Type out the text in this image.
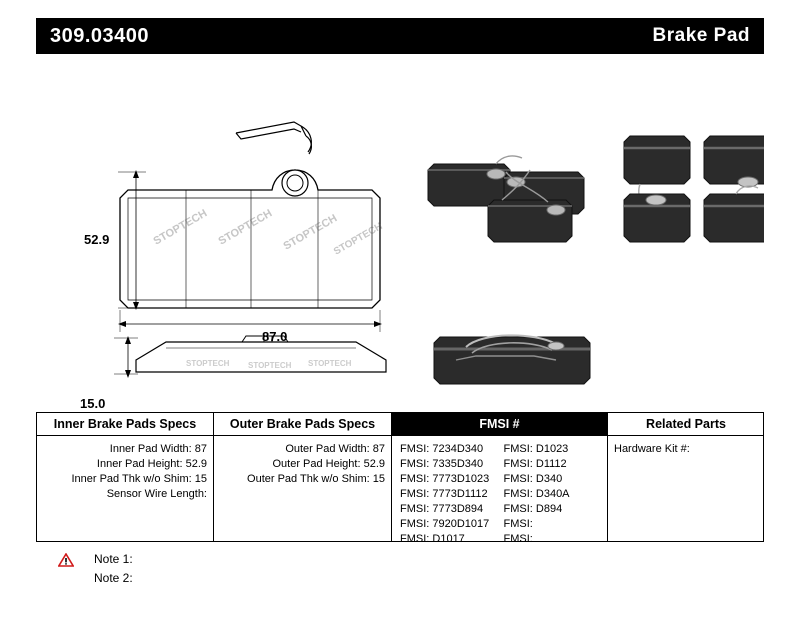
309.03400	Brake Pad
STOPTECH STOPTECH STOPTECH
STOPTECH
STOPTECH STOPTECH STOPTECH
52.9
87.0
15.0
Inner Brake Pads Specs
Inner Pad Width: 87
Inner Pad Height: 52.9
Inner Pad Thk w/o Shim: 15
Sensor Wire Length:
Outer Brake Pads Specs
Outer Pad Width: 87
Outer Pad Height: 52.9
Outer Pad Thk w/o Shim: 15
FMSI #
FMSI: 7234D340
FMSI: 7335D340
FMSI: 7773D1023
FMSI: 7773D1112
FMSI: 7773D894
FMSI: 7920D1017
FMSI: D1017
FMSI: D1023
FMSI: D1112
FMSI: D340
FMSI: D340A
FMSI: D894
FMSI:
FMSI:
Related Parts
Hardware Kit #:
Note 1:
Note 2:
